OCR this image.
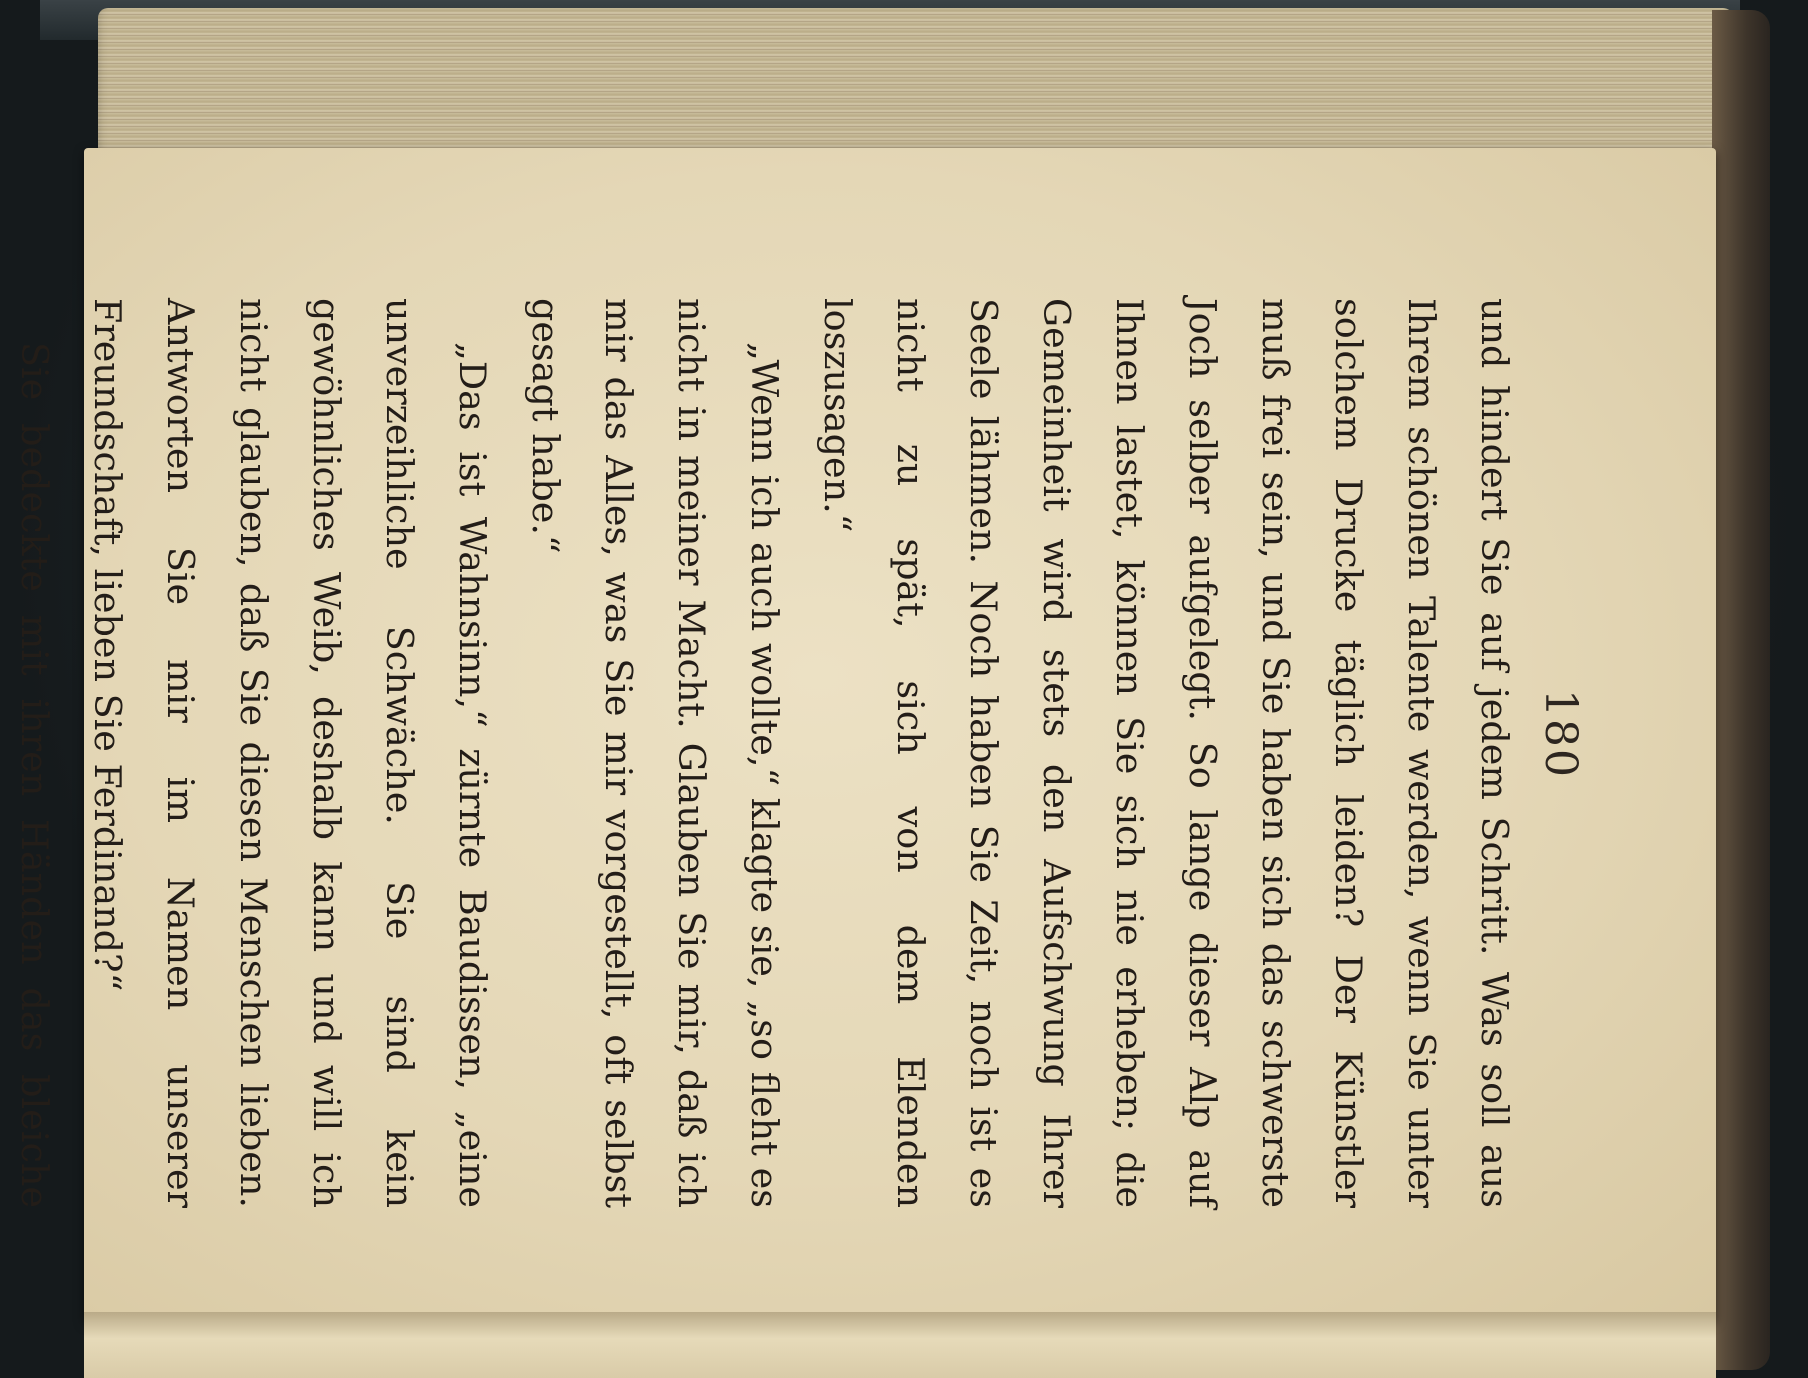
180

und hindert Sie auf jedem Schritt. Was soll aus Ihrem schönen Talente werden, wenn Sie unter solchem Drucke täglich leiden? Der Künstler muß frei sein, und Sie haben sich das schwerste Joch selber aufgelegt. So lange dieser Alp auf Ihnen lastet, können Sie sich nie erheben; die Gemeinheit wird stets den Aufschwung Ihrer Seele lähmen. Noch haben Sie Zeit, noch ist es nicht zu spät, sich von dem Elenden loszusagen.“

„Wenn ich auch wollte,“ klagte sie, „so fleht es nicht in meiner Macht. Glauben Sie mir, daß ich mir das Alles, was Sie mir vorgestellt, oft selbst gesagt habe.“

„Das ist Wahnsinn,“ zürnte Baudissen, „eine unverzeihliche Schwäche. Sie sind kein gewöhnliches Weib, deshalb kann und will ich nicht glauben, daß Sie diesen Menschen lieben. Antworten Sie mir im Namen unserer Freundschaft, lieben Sie Ferdinand?“

Sie bedeckte mit ihren Händen das bleiche
